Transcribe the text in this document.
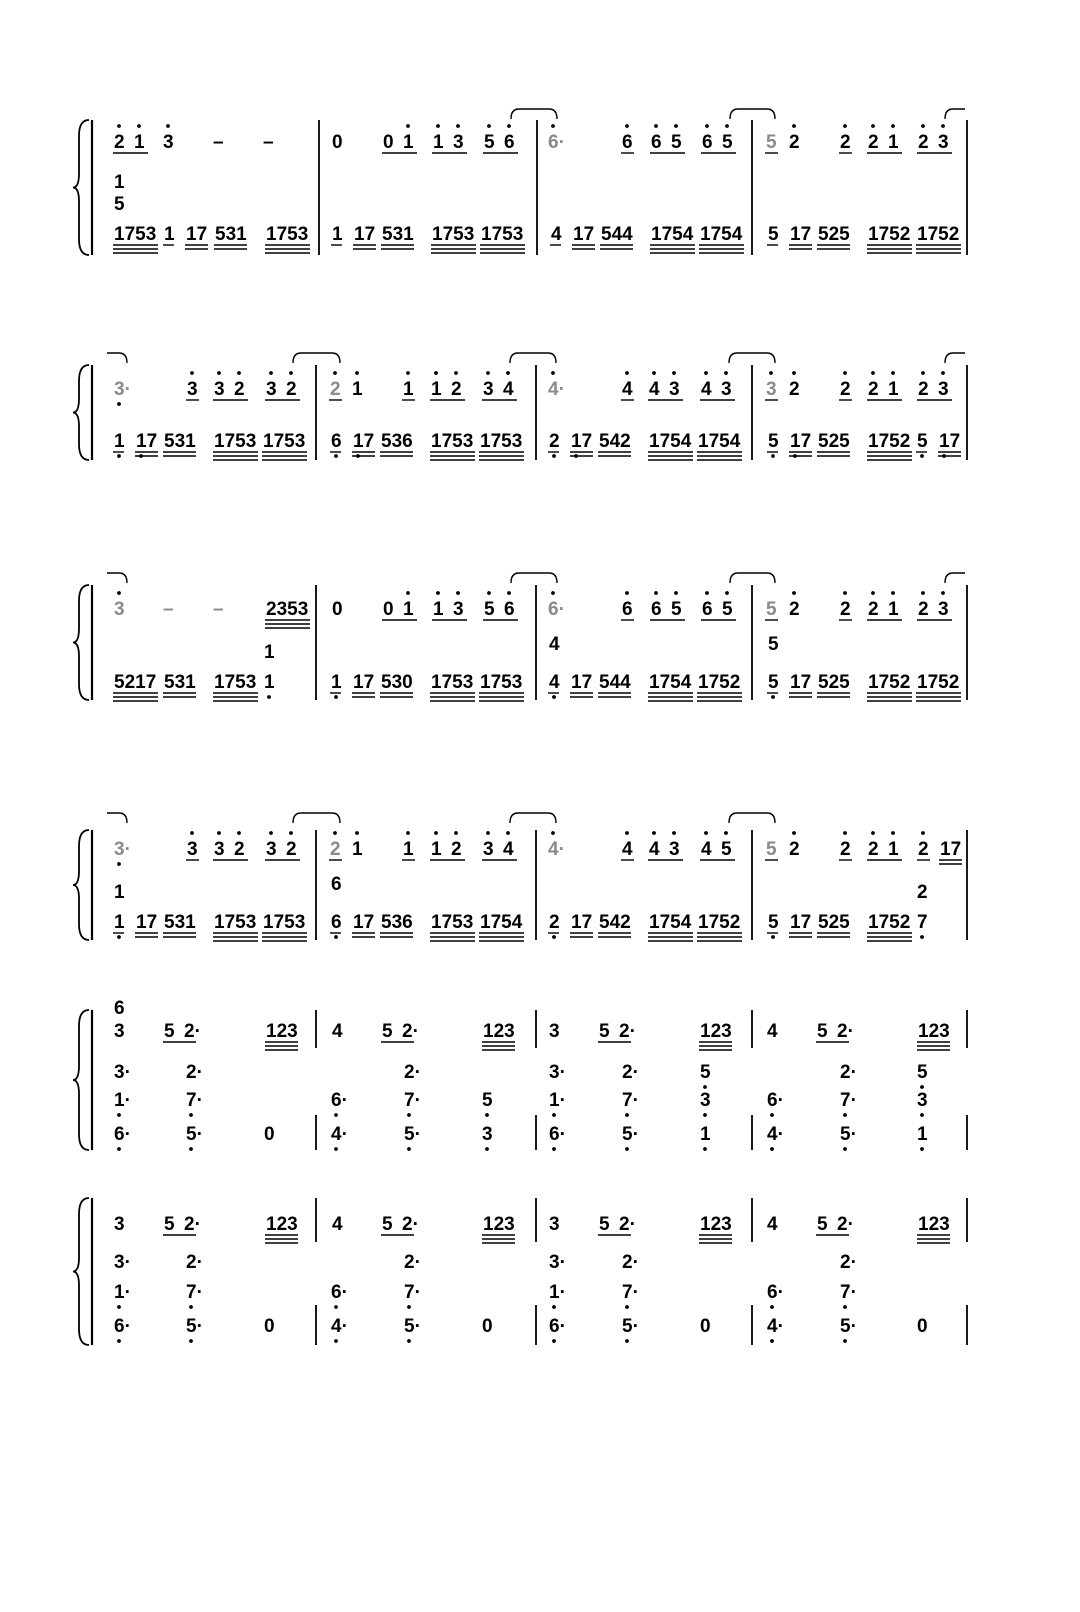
2 1 3 – –	0 0 1 1 3 5 6 6·	6 6 5 6 5 5 2 2 2 1 2 3
1
5
1753 1 17 531 1753 1 17 531 1753 1753 4 17 544 1754 1754 5 17 525 1752 1752
3·	3 3 2 3 2 2 1 1 1 2 3 4 4·	4 4 3 4 3 3 2 2 2 1 2 3
1 17 531 1753 1753 6 17 536 1753 1753 2 17 542 1754 1754 5 17 525 1752 5 17
3 – – 2353 0 0 1 1 3 5 6 6·	6 6 5 6 5 5 2 2 2 1 2 3
1	4	5
5217 531 1753 1	1 17 530 1753 1753 4 17 544 1754 1752 5 17 525 1752 1752
3·	3 3 2 3 2 2 1 1 1 2 3 4 4·	4 4 3 4 5 5 2 2 2 1 2 17
1	6	2
1 17 531 1753 1753 6 17 536 1753 1754 2 17 542 1754 1752 5 17 525 1752 7
6
3 5 2·	123 4 5 2·	123 3 5 2·	123 4 5 2·	123
3·	2·
1·	7·
6·	5·	0
2·
6·	7·	5
4·	5·	3
3·	2·	5
1·	7·	3
6·	5·	1
2·	5
6·	7·	3
4·	5·	1
3 5 2·	123 4 5 2·	123 3 5 2·	123 4 5 2·	123
3·	2·
1·	7·
6·	5·	0
2·
6·	7·
4·	5·	0
3·	2·
1·	7·
6·	5·	0
2·
6·	7·
4·	5·	0
